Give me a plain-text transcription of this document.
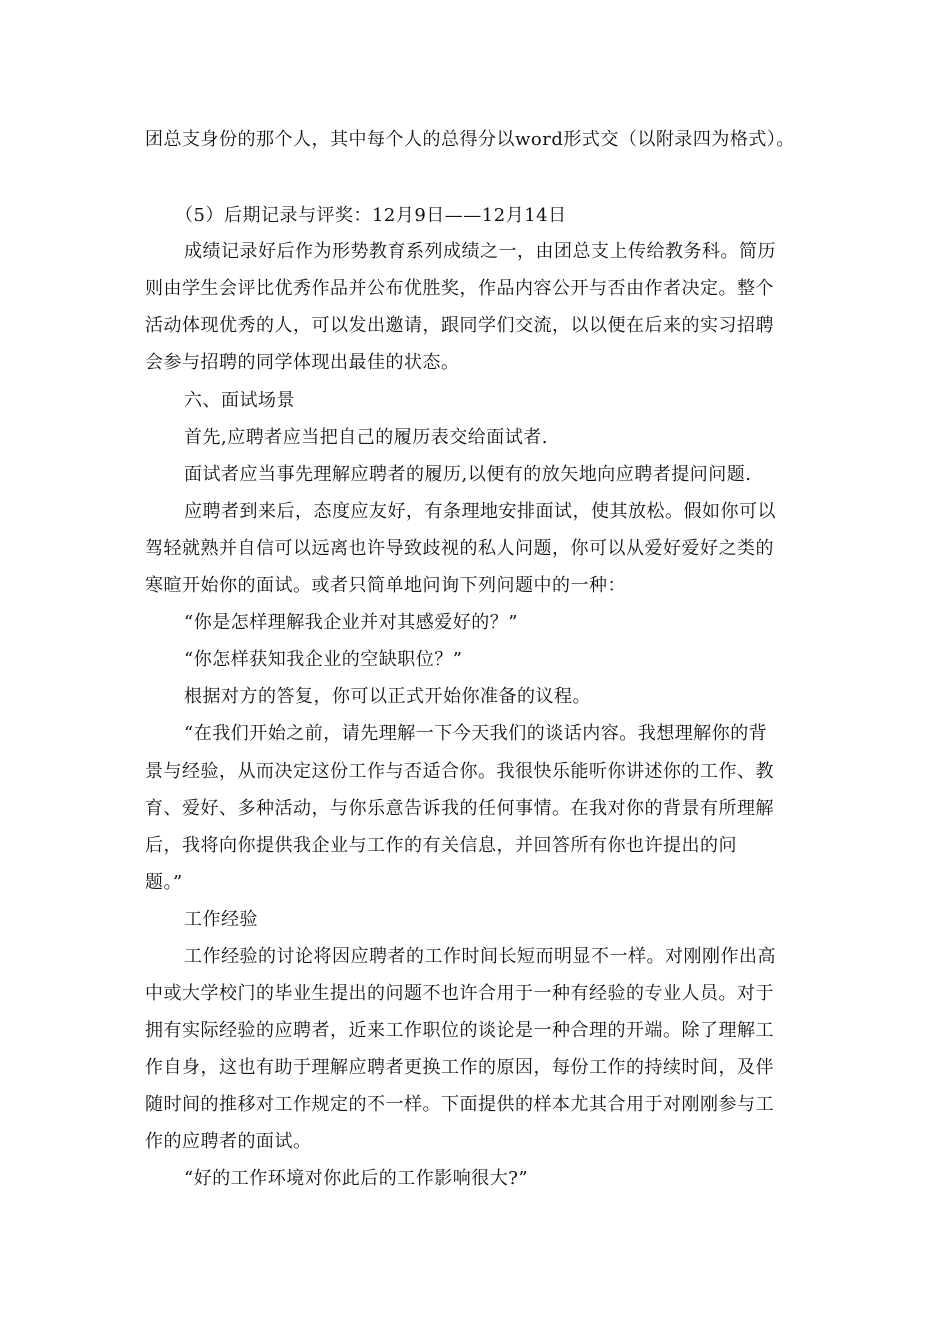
团总支身份的那个人，其中每个人的总得分以word形式交（以附录四为格式）。
（5）后期记录与评奖：12月9日——12月14日
成绩记录好后作为形势教育系列成绩之一，由团总支上传给教务科。简历
则由学生会评比优秀作品并公布优胜奖，作品内容公开与否由作者决定。整个
活动体现优秀的人，可以发出邀请，跟同学们交流，以以便在后来的实习招聘
会参与招聘的同学体现出最佳的状态。
六、面试场景
首先,应聘者应当把自己的履历表交给面试者.
面试者应当事先理解应聘者的履历,以便有的放矢地向应聘者提问问题.
应聘者到来后，态度应友好，有条理地安排面试，使其放松。假如你可以
驾轻就熟并自信可以远离也许导致歧视的私人问题，你可以从爱好爱好之类的
寒暄开始你的面试。或者只简单地问询下列问题中的一种：
“你是怎样理解我企业并对其感爱好的？”
“你怎样获知我企业的空缺职位？”
根据对方的答复，你可以正式开始你准备的议程。
“在我们开始之前，请先理解一下今天我们的谈话内容。我想理解你的背
景与经验，从而决定这份工作与否适合你。我很快乐能听你讲述你的工作、教
育、爱好、多种活动，与你乐意告诉我的任何事情。在我对你的背景有所理解
后，我将向你提供我企业与工作的有关信息，并回答所有你也许提出的问
题。”
工作经验
工作经验的讨论将因应聘者的工作时间长短而明显不一样。对刚刚作出高
中或大学校门的毕业生提出的问题不也许合用于一种有经验的专业人员。对于
拥有实际经验的应聘者，近来工作职位的谈论是一种合理的开端。除了理解工
作自身，这也有助于理解应聘者更换工作的原因，每份工作的持续时间，及伴
随时间的推移对工作规定的不一样。下面提供的样本尤其合用于对刚刚参与工
作的应聘者的面试。
“好的工作环境对你此后的工作影响很大?”
